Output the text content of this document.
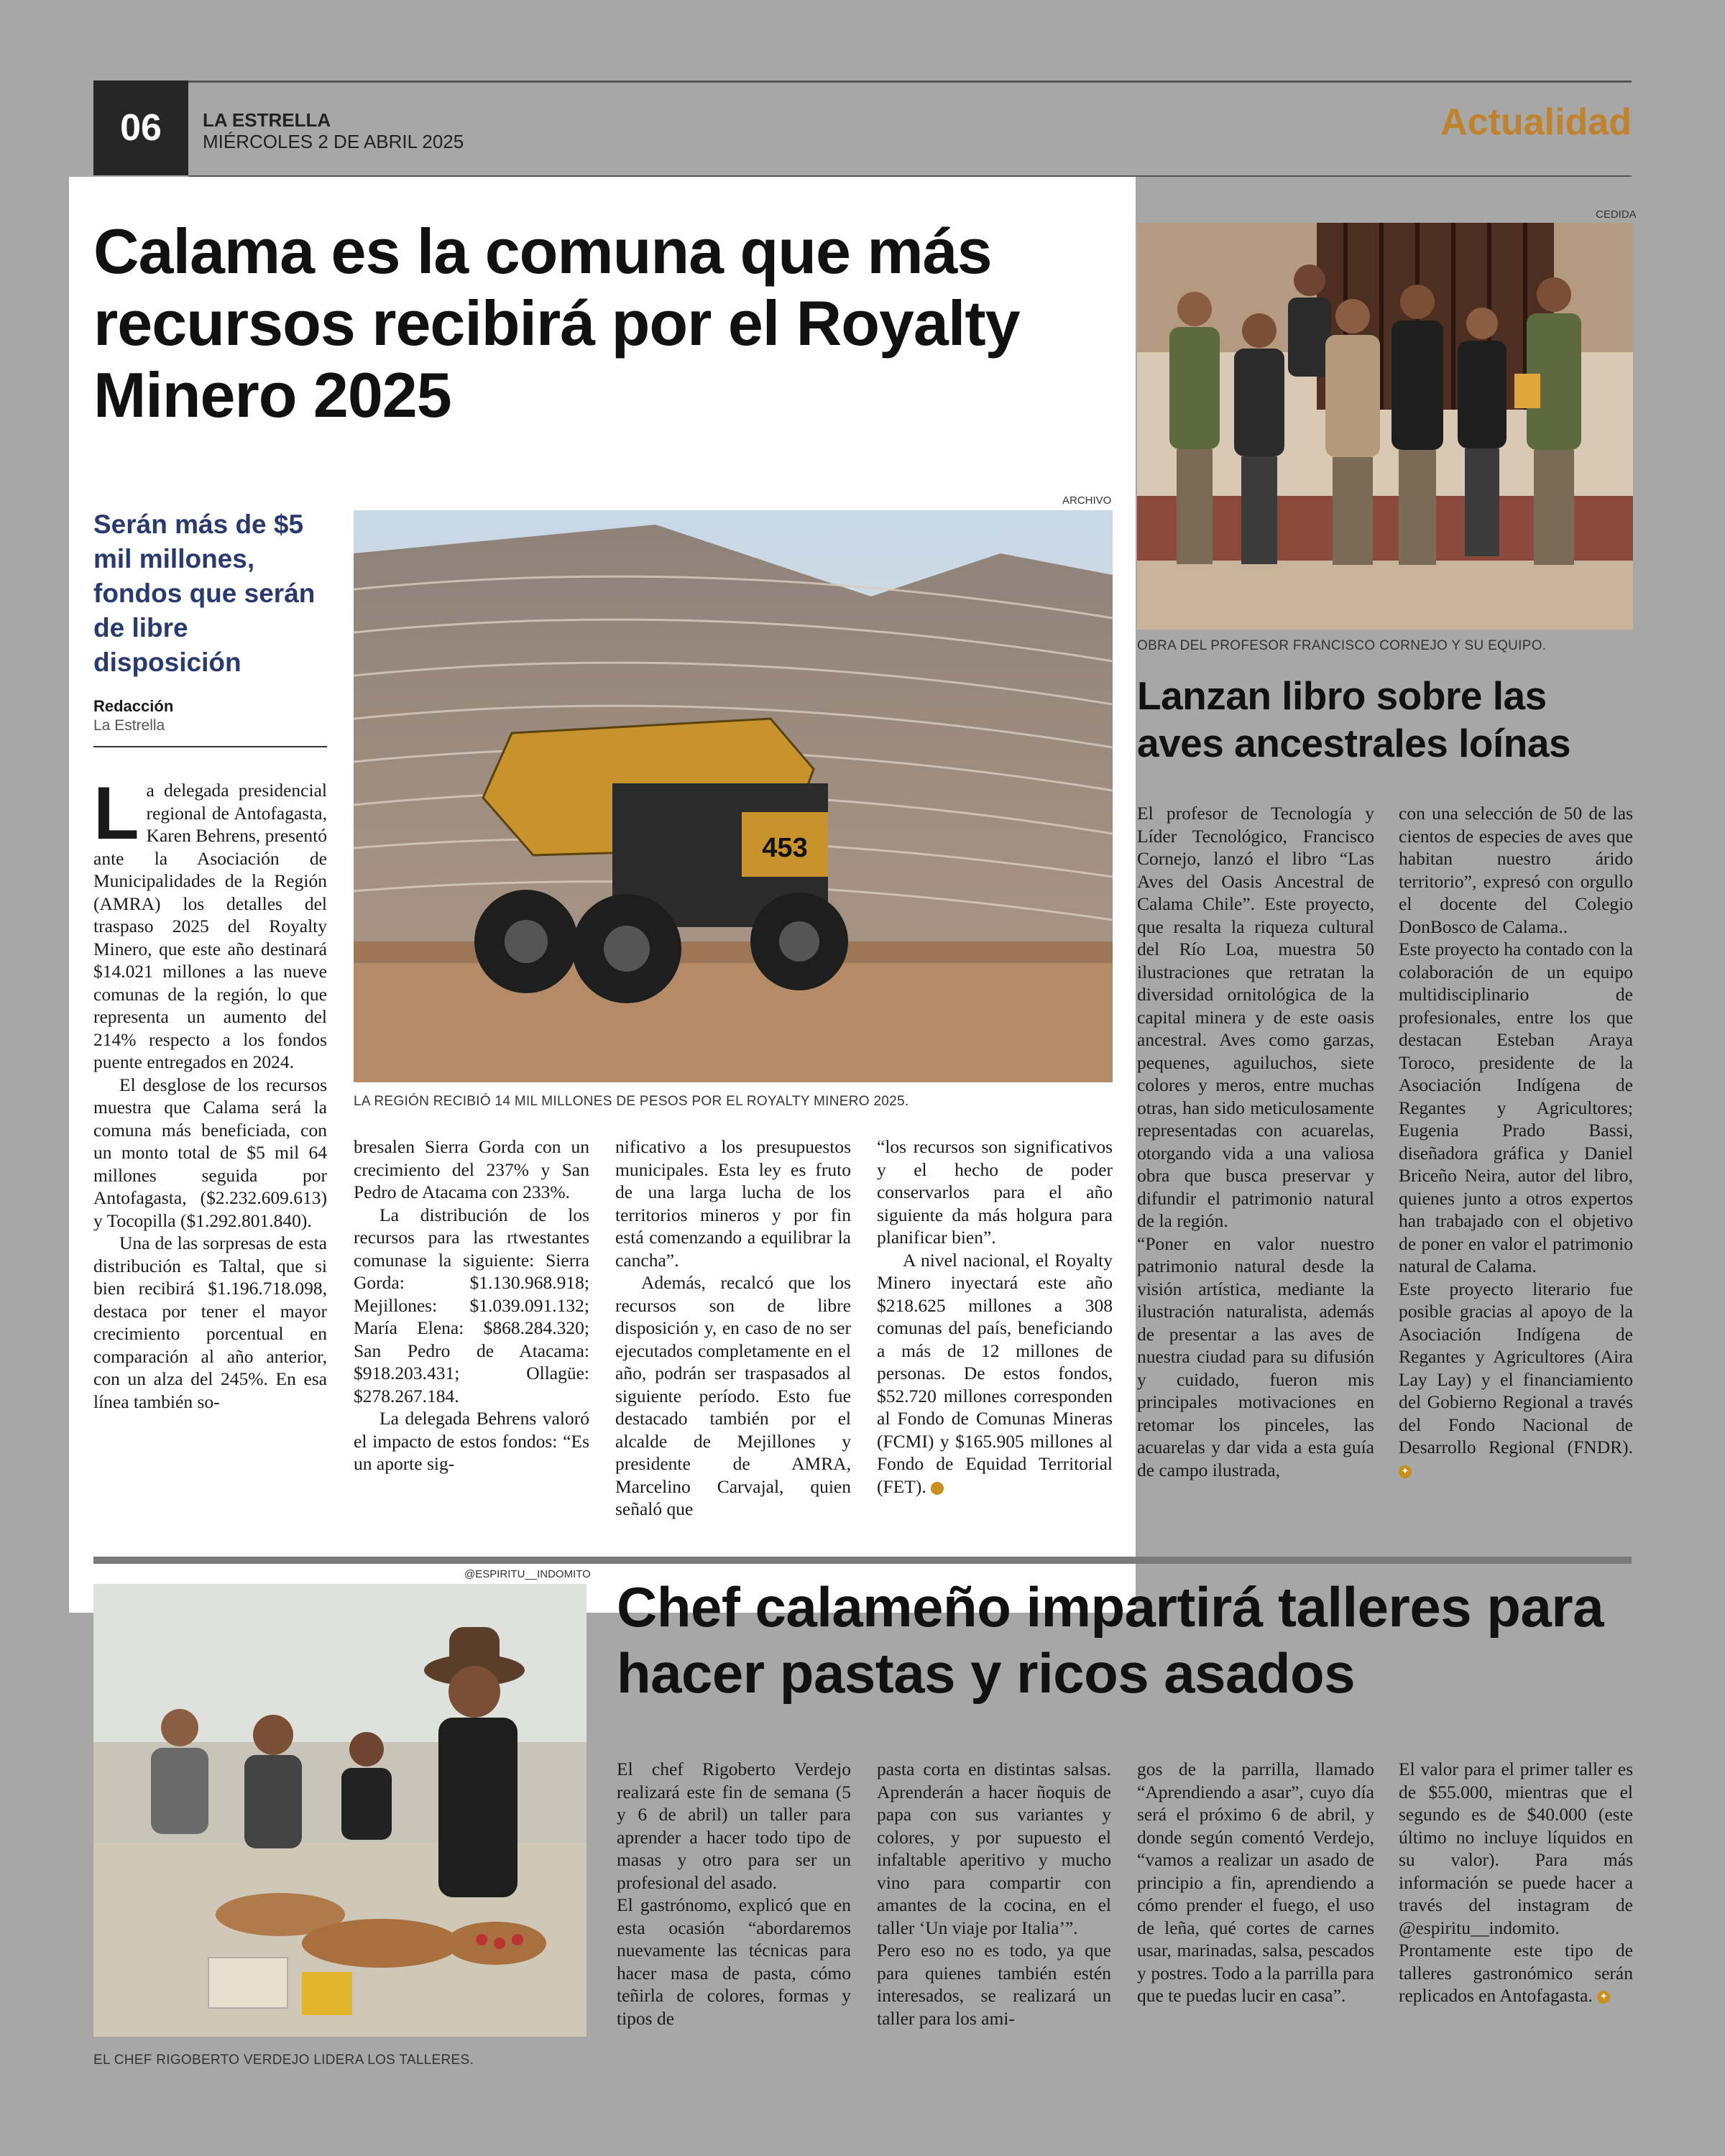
06	LA ESTRELLA
MIÉRCOLES 2 DE ABRIL 2025	Actualidad
Calama es la comuna que más recursos recibirá por el Royalty Minero 2025
Serán más de $5 mil millones, fondos que serán de libre disposición
Redacción
La Estrella
ARCHIVO
453
LA REGIÓN RECIBIÓ 14 MIL MILLONES DE PESOS POR EL ROYALTY MINERO 2025.

La delegada presidencial regional de Antofagasta, Karen Behrens, presentó ante la Asociación de Municipalidades de la Región (AMRA) los detalles del traspaso 2025 del Royalty Minero, que este año destinará $14.021 millones a las nueve comunas de la región, lo que representa un aumento del 214% respecto a los fondos puente entregados en 2024.

El desglose de los recursos muestra que Calama será la comuna más beneficiada, con un monto total de $5 mil 64 millones seguida por Antofagasta, ($2.232.609.613) y Tocopilla ($1.292.801.840).

Una de las sorpresas de esta distribución es Taltal, que si bien recibirá $1.196.718.098, destaca por tener el mayor crecimiento porcentual en comparación al año anterior, con un alza del 245%. En esa línea también so-

bresalen Sierra Gorda con un crecimiento del 237% y San Pedro de Atacama con 233%.

La distribución de los recursos para las rtwestantes comunase la siguiente: Sierra Gorda: $1.130.968.918; Mejillones: $1.039.091.132; María Elena: $868.284.320; San Pedro de Atacama: $918.203.431; Ollagüe: $278.267.184.

La delegada Behrens valoró el impacto de estos fondos: “Es un aporte sig-

nificativo a los presupuestos municipales. Esta ley es fruto de una larga lucha de los territorios mineros y por fin está comenzando a equilibrar la cancha”.

Además, recalcó que los recursos son de libre disposición y, en caso de no ser ejecutados completamente en el año, podrán ser traspasados al siguiente período. Esto fue destacado también por el alcalde de Mejillones y presidente de AMRA, Marcelino Carvajal, quien señaló que

“los recursos son significativos y el hecho de poder conservarlos para el año siguiente da más holgura para planificar bien”.

A nivel nacional, el Royalty Minero inyectará este año $218.625 millones a 308 comunas del país, beneficiando a más de 12 millones de personas. De estos fondos, $52.720 millones corresponden al Fondo de Comunas Mineras (FCMI) y $165.905 millones al Fondo de Equidad Territorial (FET).	✦

CEDIDA
OBRA DEL PROFESOR FRANCISCO CORNEJO Y SU EQUIPO.
Lanzan libro sobre las aves ancestrales loínas

El profesor de Tecnología y Líder Tecnológico, Francisco Cornejo, lanzó el libro “Las Aves del Oasis Ancestral de Calama Chile”. Este proyecto, que resalta la riqueza cultural del Río Loa, muestra 50 ilustraciones que retratan la diversidad ornitológica de la capital minera y de este oasis ancestral. Aves como garzas, pequenes, aguiluchos, siete colores y meros, entre muchas otras, han sido meticulosamente representadas con acuarelas, otorgando vida a una valiosa obra que busca preservar y difundir el patrimonio natural de la región.

“Poner en valor nuestro patrimonio natural desde la visión artística, mediante la ilustración naturalista, además de presentar a las aves de nuestra ciudad para su difusión y cuidado, fueron mis principales motivaciones en retomar los pinceles, las acuarelas y dar vida a esta guía de campo ilustrada,

con una selección de 50 de las cientos de especies de aves que habitan nuestro árido territorio”, expresó con orgullo el docente del Colegio DonBosco de Calama..

Este proyecto ha contado con la colaboración de un equipo multidisciplinario de profesionales, entre los que destacan Esteban Araya Toroco, presidente de la Asociación Indígena de Regantes y Agricultores; Eugenia Prado Bassi, diseñadora gráfica y Daniel Briceño Neira, autor del libro, quienes junto a otros expertos han trabajado con el objetivo de poner en valor el patrimonio natural de Calama.

Este proyecto literario fue posible gracias al apoyo de la Asociación Indígena de Regantes y Agricultores (Aira Lay Lay) y el financiamiento del Gobierno Regional a través del Fondo Nacional de Desarrollo Regional (FNDR). ✦

@ESPIRITU__INDOMITO
EL CHEF RIGOBERTO VERDEJO LIDERA LOS TALLERES.
Chef calameño impartirá talleres para hacer pastas y ricos asados

El chef Rigoberto Verdejo realizará este fin de semana (5 y 6 de abril) un taller para aprender a hacer todo tipo de masas y otro para ser un profesional del asado.

El gastrónomo, explicó que en esta ocasión “abordaremos nuevamente las técnicas para hacer masa de pasta, cómo teñirla de colores, formas y tipos de

pasta corta en distintas salsas. Aprenderán a hacer ñoquis de papa con sus variantes y colores, y por supuesto el infaltable aperitivo y mucho vino para compartir con amantes de la cocina, en el taller ‘Un viaje por Italia’”.

Pero eso no es todo, ya que para quienes también estén interesados, se realizará un taller para los ami-

gos de la parrilla, llamado “Aprendiendo a asar”, cuyo día será el próximo 6 de abril, y donde según comentó Verdejo, “vamos a realizar un asado de principio a fin, aprendiendo a cómo prender el fuego, el uso de leña, qué cortes de carnes usar, marinadas, salsa, pescados y postres. Todo a la parrilla para que te puedas lucir en casa”.

El valor para el primer taller es de $55.000, mientras que el segundo es de $40.000 (este último no incluye líquidos en su valor). Para más información se puede hacer a través del instagram de @espiritu__indomito.

Prontamente este tipo de talleres gastronómico serán replicados en Antofagasta. ✦
